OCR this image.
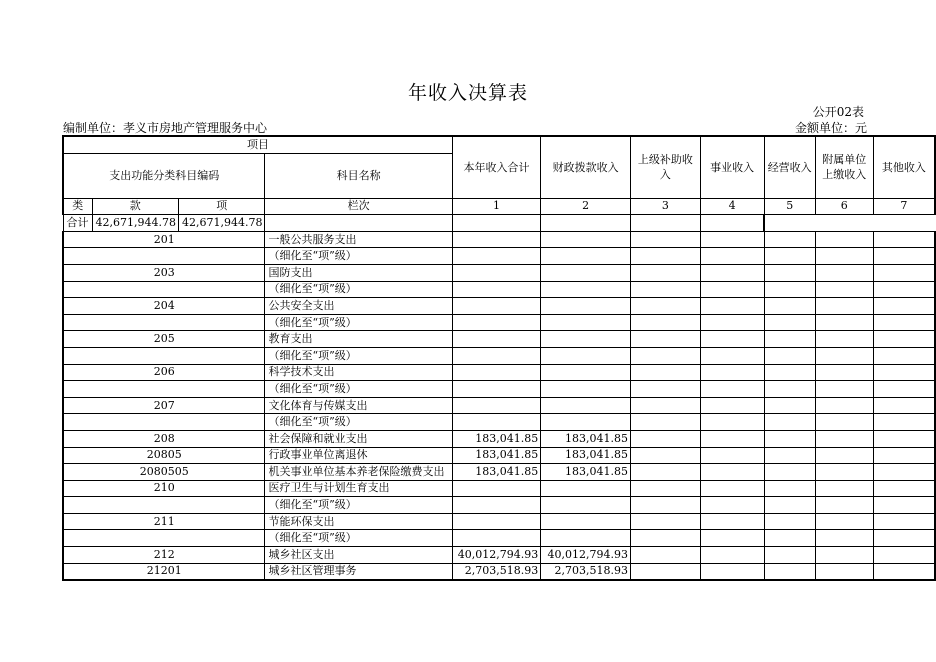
年收入决算表
公开02表
编制单位：孝义市房地产管理服务中心	金额单位：元
项目				本年收入合计	财政拨款收入	上级补助收入	事业收入	经营收入	附属单位上缴收入	其他收入
支出功能分类科目编码			科目名称							

类	款	项	栏次	1	2	3	4	5	6	7
合计	42,671,944.78	42,671,944.78								
201			一般公共服务支出							
			（细化至“项”级）							
203			国防支出							
			（细化至“项”级）							
204			公共安全支出							
			（细化至“项”级）							
205			教育支出							
			（细化至“项”级）							
206			科学技术支出							
			（细化至“项”级）							
207			文化体育与传媒支出							
			（细化至“项”级）							
208			社会保障和就业支出	183,041.85	183,041.85					
20805			行政事业单位离退休	183,041.85	183,041.85					
2080505			机关事业单位基本养老保险缴费支出	183,041.85	183,041.85					
210			医疗卫生与计划生育支出							
			（细化至“项”级）							
211			节能环保支出							
			（细化至“项”级）							
212			城乡社区支出	40,012,794.93	40,012,794.93					
21201			城乡社区管理事务	2,703,518.93	2,703,518.93					
